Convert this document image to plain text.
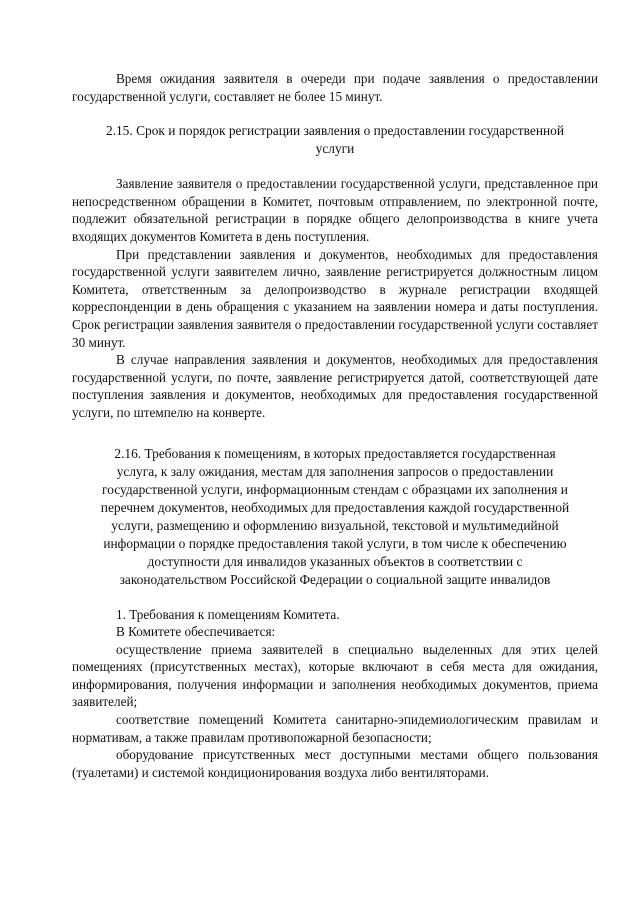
Время ожидания заявителя в очереди при подаче заявления о предоставлении государственной услуги, составляет не более 15 минут.

2.15. Срок и порядок регистрации заявления о предоставлении государственной услуги

Заявление заявителя о предоставлении государственной услуги, представленное при непосредственном обращении в Комитет, почтовым отправлением, по электронной почте, подлежит обязательной регистрации в порядке общего делопроизводства в книге учета входящих документов Комитета в день поступления.

При представлении заявления и документов, необходимых для предоставления государственной услуги заявителем лично, заявление регистрируется должностным лицом Комитета, ответственным за делопроизводство в журнале регистрации входящей корреспонденции в день обращения с указанием на заявлении номера и даты поступления. Срок регистрации заявления заявителя о предоставлении государственной услуги составляет 30 минут.

В случае направления заявления и документов, необходимых для предоставления государственной услуги, по почте, заявление регистрируется датой, соответствующей дате поступления заявления и документов, необходимых для предоставления государственной услуги, по штемпелю на конверте.

2.16. Требования к помещениям, в которых предоставляется государственная услуга, к залу ожидания, местам для заполнения запросов о предоставлении государственной услуги, информационным стендам с образцами их заполнения и перечнем документов, необходимых для предоставления каждой государственной услуги, размещению и оформлению визуальной, текстовой и мультимедийной информации о порядке предоставления такой услуги, в том числе к обеспечению доступности для инвалидов указанных объектов в соответствии с законодательством Российской Федерации о социальной защите инвалидов

1. Требования к помещениям Комитета.

В Комитете обеспечивается:

осуществление приема заявителей в специально выделенных для этих целей помещениях (присутственных местах), которые включают в себя места для ожидания, информирования, получения информации и заполнения необходимых документов, приема заявителей;

соответствие помещений Комитета санитарно-эпидемиологическим правилам и нормативам, а также правилам противопожарной безопасности;

оборудование присутственных мест доступными местами общего пользования (туалетами) и системой кондиционирования воздуха либо вентиляторами.
